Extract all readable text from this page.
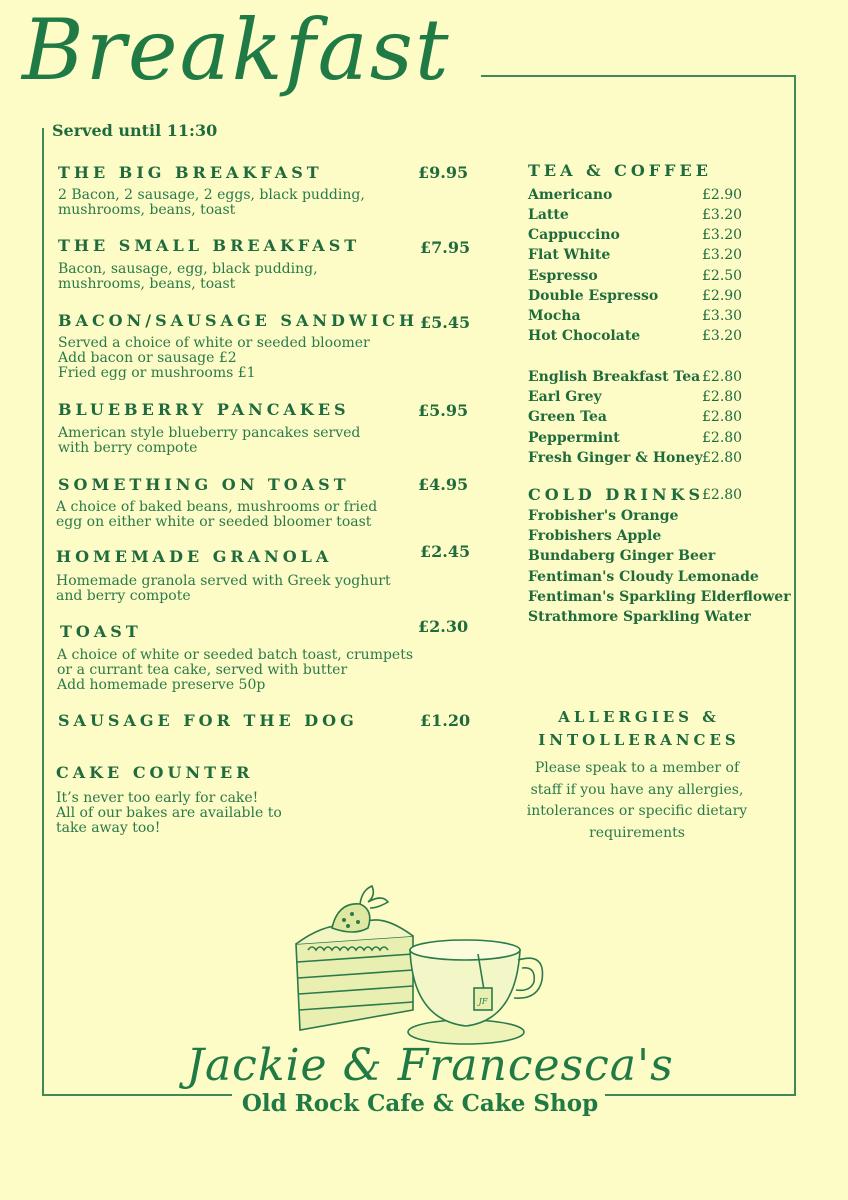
Breakfast
Served until 11:30
THE BIG BREAKFAST	£9.95
2 Bacon, 2 sausage, 2 eggs, black pudding,
mushrooms, beans, toast
THE SMALL BREAKFAST	£7.95
Bacon, sausage, egg, black pudding,
mushrooms, beans, toast
BACON/SAUSAGE SANDWICH £5.45
Served a choice of white or seeded bloomer
Add bacon or sausage £2
Fried egg or mushrooms £1
BLUEBERRY PANCAKES	£5.95
American style blueberry pancakes served
with berry compote
SOMETHING ON TOAST	£4.95
A choice of baked beans, mushrooms or fried
egg on either white or seeded bloomer toast
HOMEMADE GRANOLA	£2.45
Homemade granola served with Greek yoghurt
and berry compote
TOAST	£2.30
A choice of white or seeded batch toast, crumpets
or a currant tea cake, served with butter
Add homemade preserve 50p
SAUSAGE FOR THE DOG	£1.20
CAKE COUNTER
It’s never too early for cake!
All of our bakes are available to
take away too!
TEA & COFFEE
Americano	£2.90
Latte	£3.20
Cappuccino	£3.20
Flat White	£3.20
Espresso	£2.50
Double Espresso	£2.90
Mocha	£3.30
Hot Chocolate	£3.20
English Breakfast Tea £2.80
Earl Grey	£2.80
Green Tea	£2.80
Peppermint	£2.80
Fresh Ginger & Honey £2.80
COLD DRINKS
£2.80
Frobisher's Orange
Frobishers Apple
Bundaberg Ginger Beer
Fentiman's Cloudy Lemonade
Fentiman's Sparkling Elderflower
Strathmore Sparkling Water
ALLERGIES &
INTOLLERANCES
Please speak to a member of
staff if you have any allergies,
intolerances or specific dietary
requirements
JF
Jackie & Francesca's
Old Rock Cafe & Cake Shop
